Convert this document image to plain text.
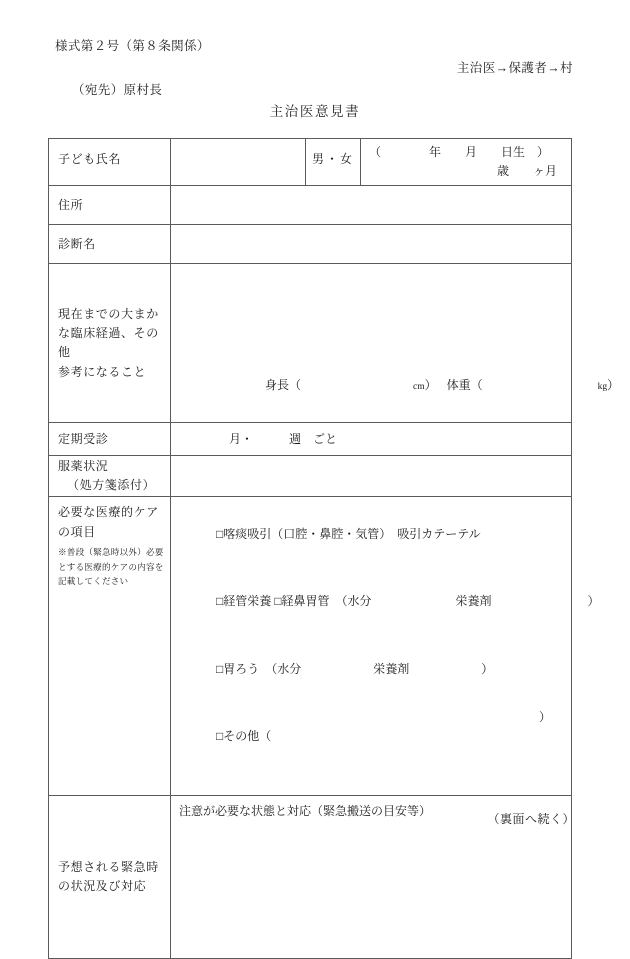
様式第２号（第８条関係）
主治医→保護者→村
（宛先）原村長
主治医意見書
子ども氏名		男・女	（　　　　年　　月　　日生　）
歳　　ヶ月

住所			

診断名			

現在までの大まか
な臨床経過、その他
参考になること	身長（ cm） 体重（ kg）		

定期受診	月・　　　週　ごと		

服薬状況
（処方箋添付）			

必要な医療的ケア
の項目
※普段（緊急時以外）必要とする医療的ケアの内容を記載してください

□喀痰吸引（口腔・鼻腔・気管）　吸引カテーテル

□経管栄養 □経鼻胃管　（水分　　　　　　　栄養剤　　　　　　　　）

□胃ろう　（水分　　　　　　栄養剤　　　　　　）

□その他（

）

予想される緊急時
の状況及び対応	注意が必要な状態と対応（緊急搬送の目安等）		
（裏面へ続く）
